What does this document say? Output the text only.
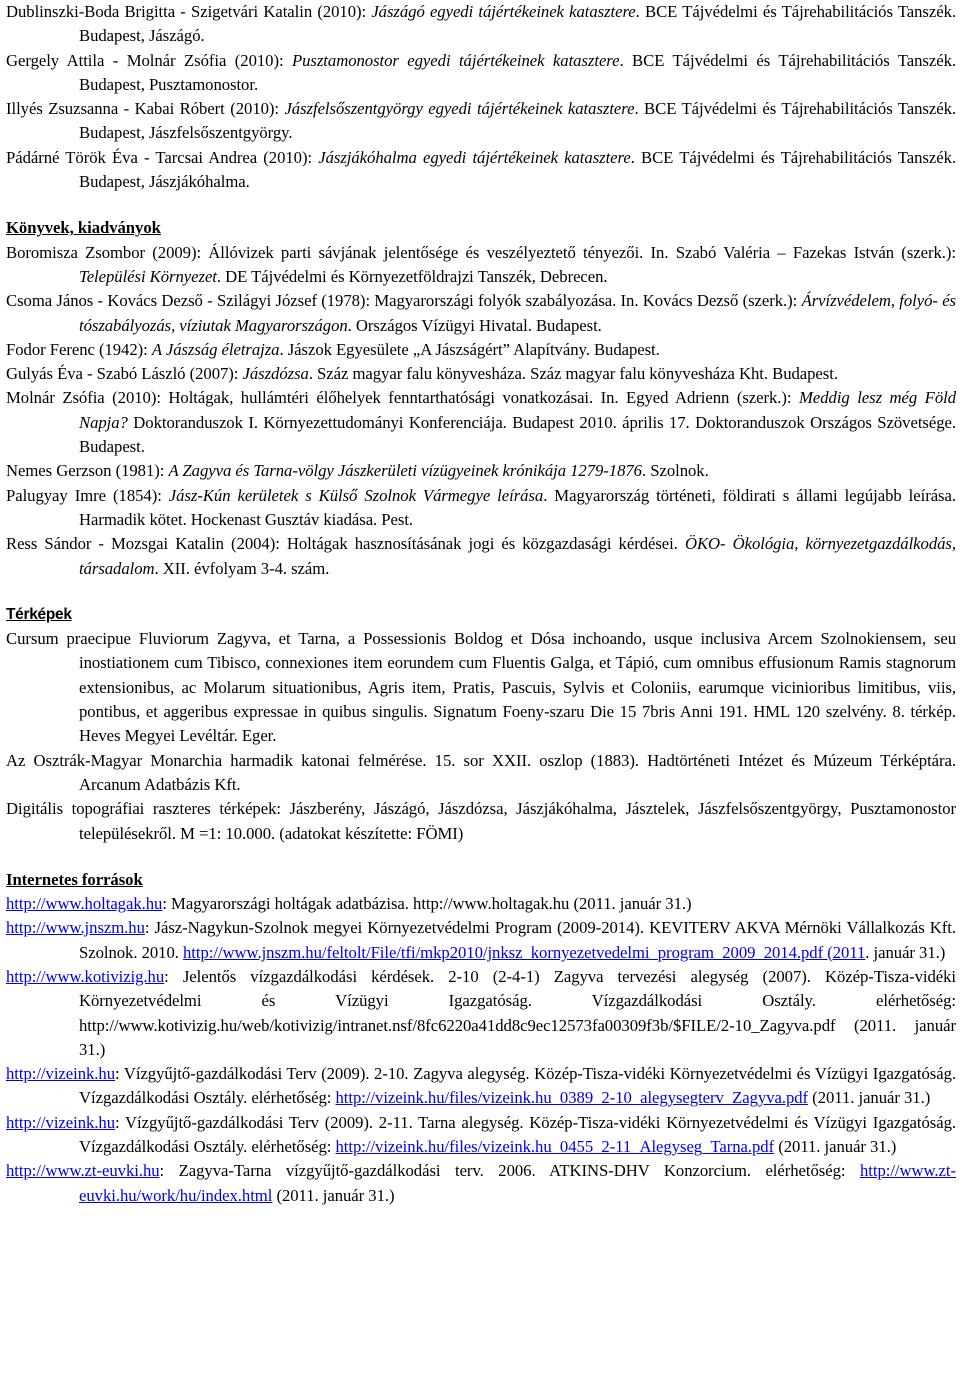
Dublinszki-Boda Brigitta - Szigetvári Katalin (2010): Jászágó egyedi tájértékeinek katasztere. BCE Tájvédelmi és Tájrehabilitációs Tanszék. Budapest, Jászágó.

Gergely Attila - Molnár Zsófia (2010): Pusztamonostor egyedi tájértékeinek katasztere. BCE Tájvédelmi és Tájrehabilitációs Tanszék. Budapest, Pusztamonostor.

Illyés Zsuzsanna - Kabai Róbert (2010): Jászfelsőszentgyörgy egyedi tájértékeinek katasztere. BCE Tájvédelmi és Tájrehabilitációs Tanszék. Budapest, Jászfelsőszentgyörgy.

Pádárné Török Éva - Tarcsai Andrea (2010): Jászjákóhalma egyedi tájértékeinek katasztere. BCE Tájvédelmi és Tájrehabilitációs Tanszék. Budapest, Jászjákóhalma.

Könyvek, kiadványok

Boromisza Zsombor (2009): Állóvizek parti sávjának jelentősége és veszélyeztető tényezői. In. Szabó Valéria – Fazekas István (szerk.): Települési Környezet. DE Tájvédelmi és Környezetföldrajzi Tanszék, Debrecen.

Csoma János - Kovács Dezső - Szilágyi József (1978): Magyarországi folyók szabályozása. In. Kovács Dezső (szerk.): Árvízvédelem, folyó- és tószabályozás, víziutak Magyarországon. Országos Vízügyi Hivatal. Budapest.

Fodor Ferenc (1942): A Jászság életrajza. Jászok Egyesülete „A Jászságért” Alapítvány. Budapest.

Gulyás Éva - Szabó László (2007): Jászdózsa. Száz magyar falu könyvesháza. Száz magyar falu könyvesháza Kht. Budapest.

Molnár Zsófia (2010): Holtágak, hullámtéri élőhelyek fenntarthatósági vonatkozásai. In. Egyed Adrienn (szerk.): Meddig lesz még Föld Napja? Doktoranduszok I. Környezettudományi Konferenciája. Budapest 2010. április 17. Doktoranduszok Országos Szövetsége. Budapest.

Nemes Gerzson (1981): A Zagyva és Tarna-völgy Jászkerületi vízügyeinek krónikája 1279-1876. Szolnok.

Palugyay Imre (1854): Jász-Kún kerületek s Külső Szolnok Vármegye leírása. Magyarország történeti, földirati s állami legújabb leírása. Harmadik kötet. Hockenast Gusztáv kiadása. Pest.

Ress Sándor - Mozsgai Katalin (2004): Holtágak hasznosításának jogi és közgazdasági kérdései. ÖKO- Ökológia, környezetgazdálkodás, társadalom. XII. évfolyam 3-4. szám.

Térképek

Cursum praecipue Fluviorum Zagyva, et Tarna, a Possessionis Boldog et Dósa inchoando, usque inclusiva Arcem Szolnokiensem, seu inostiationem cum Tibisco, connexiones item eorundem cum Fluentis Galga, et Tápió, cum omnibus effusionum Ramis stagnorum extensionibus, ac Molarum situationibus, Agris item, Pratis, Pascuis, Sylvis et Coloniis, earumque vicinioribus limitibus, viis, pontibus, et aggeribus expressae in quibus singulis. Signatum Foeny-szaru Die 15 7bris Anni 191. HML 120 szelvény. 8. térkép. Heves Megyei Levéltár. Eger.

Az Osztrák-Magyar Monarchia harmadik katonai felmérése. 15. sor XXII. oszlop (1883). Hadtörténeti Intézet és Múzeum Térképtára. Arcanum Adatbázis Kft.

Digitális topográfiai raszteres térképek: Jászberény, Jászágó, Jászdózsa, Jászjákóhalma, Jásztelek, Jászfelsőszentgyörgy, Pusztamonostor településekről. M =1: 10.000. (adatokat készítette: FÖMI)

Internetes források

http://www.holtagak.hu: Magyarországi holtágak adatbázisa. http://www.holtagak.hu (2011. január 31.)

http://www.jnszm.hu: Jász-Nagykun-Szolnok megyei Környezetvédelmi Program (2009-2014). KEVITERV AKVA Mérnöki Vállalkozás Kft. Szolnok. 2010. http://www.jnszm.hu/feltolt/File/tfi/mkp2010/jnksz_kornyezetvedelmi_program_2009_2014.pdf (2011. január 31.)

http://www.kotivizig.hu: Jelentős vízgazdálkodási kérdések. 2-10 (2-4-1) Zagyva tervezési alegység (2007). Közép-Tisza-vidéki Környezetvédelmi és Vízügyi Igazgatóság. Vízgazdálkodási Osztály. elérhetőség: http://www.kotivizig.hu/web/kotivizig/intranet.nsf/8fc6220a41dd8c9ec12573fa00309f3b/$FILE/2-10_Zagyva.pdf (2011. január 31.)

http://vizeink.hu: Vízgyűjtő-gazdálkodási Terv (2009). 2-10. Zagyva alegység. Közép-Tisza-vidéki Környezetvédelmi és Vízügyi Igazgatóság. Vízgazdálkodási Osztály. elérhetőség: http://vizeink.hu/files/vizeink.hu_0389_2-10_alegysegterv_Zagyva.pdf (2011. január 31.)

http://vizeink.hu: Vízgyűjtő-gazdálkodási Terv (2009). 2-11. Tarna alegység. Közép-Tisza-vidéki Környezetvédelmi és Vízügyi Igazgatóság. Vízgazdálkodási Osztály. elérhetőség: http://vizeink.hu/files/vizeink.hu_0455_2-11_Alegyseg_Tarna.pdf (2011. január 31.)

http://www.zt-euvki.hu: Zagyva-Tarna vízgyűjtő-gazdálkodási terv. 2006. ATKINS-DHV Konzorcium. elérhetőség: http://www.zt-euvki.hu/work/hu/index.html (2011. január 31.)
